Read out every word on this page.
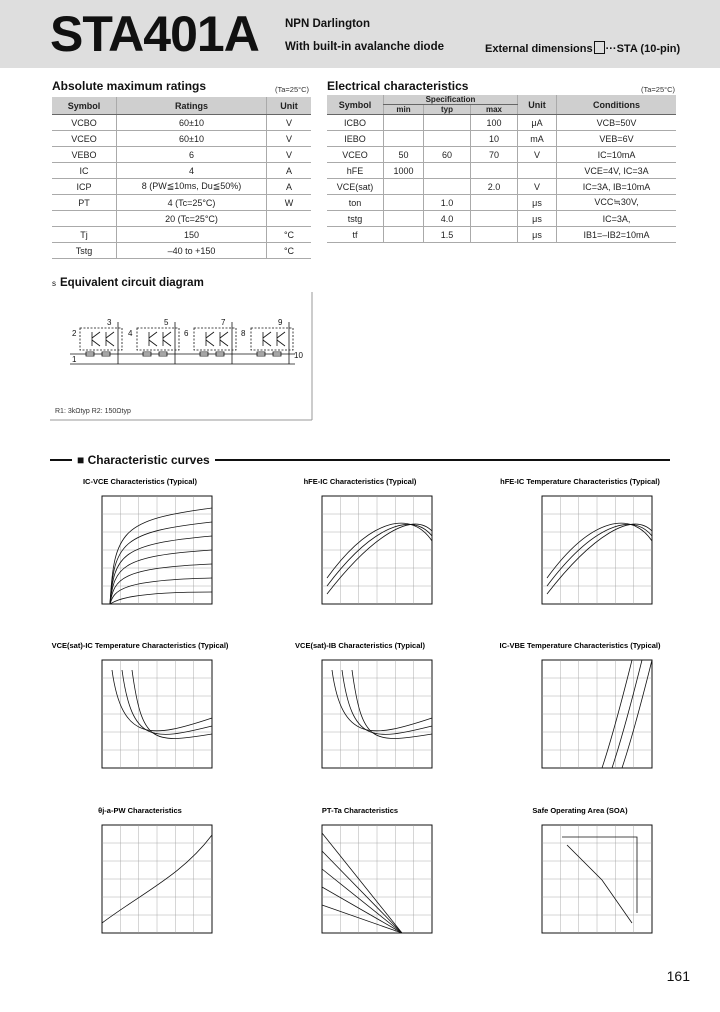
STA401A NPN Darlington
With built-in avalanche diode	External dimensions ···STA (10-pin)
Absolute maximum ratings	(Ta=25°C)
Symbol	Ratings	Unit
VCBO	60±10	V
VCEO	60±10	V
VEBO	6	V
IC	4	A
ICP	8 (PW≦10ms, Du≦50%)	A
PT	4 (Tc=25°C)	W
	20 (Tc=25°C)	
Tj	150	°C
Tstg	–40 to +150	°C
Electrical characteristics	(Ta=25°C)
Symbol	Specification			Unit	Conditions
	min	typ	max		
ICBO			100	μA	VCB=50V
IEBO			10	mA	VEB=6V
VCEO	50	60	70	V	IC=10mA
hFE	1000				VCE=4V, IC=3A
VCE(sat)			2.0	V	IC=3A, IB=10mA
ton		1.0		μs	VCC≒30V,
tstg		4.0		μs	IC=3A,
tf		1.5		μs	IB1=–IB2=10mA
s Equivalent circuit diagram
R1: 3kΩtyp R2: 150Ωtyp
1
2
3
4
5
6
7
8
9
10
■ Characteristic curves
IC-VCE Characteristics (Typical)	hFE-IC Characteristics (Typical)	hFE-IC Temperature Characteristics (Typical)
VCE(sat)-IC Temperature Characteristics (Typical)	VCE(sat)-IB Characteristics (Typical)	IC-VBE Temperature Characteristics (Typical)
θj-a-PW Characteristics	PT-Ta Characteristics	Safe Operating Area (SOA)
161
